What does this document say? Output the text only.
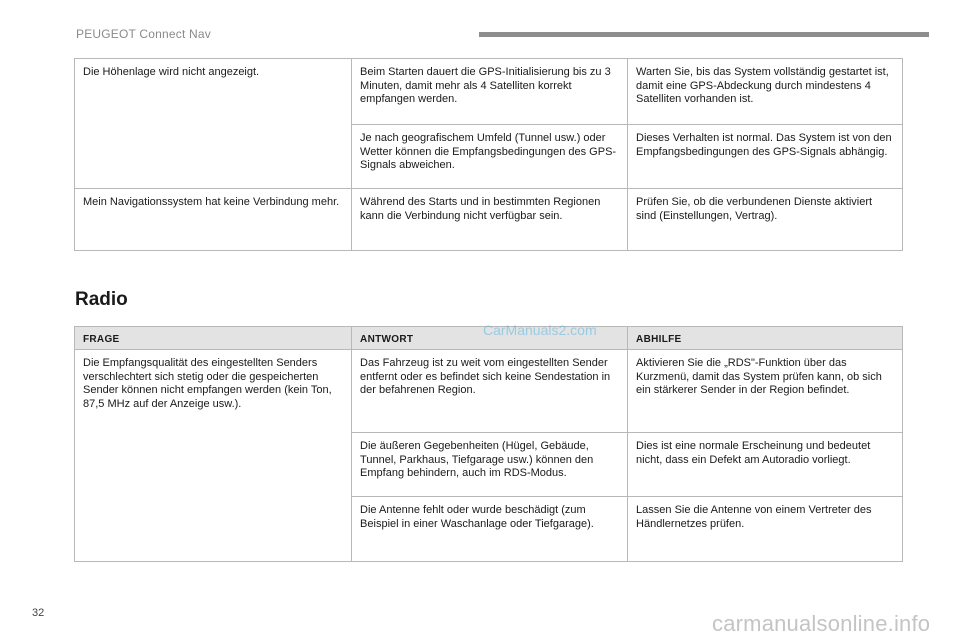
PEUGEOT Connect Nav
Die Höhenlage wird nicht angezeigt.	Beim Starten dauert die GPS-Initialisierung bis zu 3 Minuten, damit mehr als 4 Satelliten korrekt empfangen werden.	Warten Sie, bis das System vollständig gestartet ist, damit eine GPS-Abdeckung durch mindestens 4 Satelliten vorhanden ist.
	Je nach geografischem Umfeld (Tunnel usw.) oder Wetter können die Empfangsbedingungen des GPS-Signals abweichen.	Dieses Verhalten ist normal. Das System ist von den Empfangsbedingungen des GPS-Signals abhängig.
Mein Navigationssystem hat keine Verbindung mehr.	Während des Starts und in bestimmten Regionen kann die Verbindung nicht verfügbar sein.	Prüfen Sie, ob die verbundenen Dienste aktiviert sind (Einstellungen, Vertrag).
Radio
FRAGE	ANTWORT	ABHILFE
Die Empfangsqualität des eingestellten Senders verschlechtert sich stetig oder die gespeicherten Sender können nicht empfangen werden (kein Ton, 87,5 MHz auf der Anzeige usw.).	Das Fahrzeug ist zu weit vom eingestellten Sender entfernt oder es befindet sich keine Sendestation in der befahrenen Region.	Aktivieren Sie die „RDS"-Funktion über das Kurzmenü, damit das System prüfen kann, ob sich ein stärkerer Sender in der Region befindet.
	Die äußeren Gegebenheiten (Hügel, Gebäude, Tunnel, Parkhaus, Tiefgarage usw.) können den Empfang behindern, auch im RDS-Modus.	Dies ist eine normale Erscheinung und bedeutet nicht, dass ein Defekt am Autoradio vorliegt.
	Die Antenne fehlt oder wurde beschädigt (zum Beispiel in einer Waschanlage oder Tiefgarage).	Lassen Sie die Antenne von einem Vertreter des Händlernetzes prüfen.
CarManuals2.com
32	carmanualsonline.info
